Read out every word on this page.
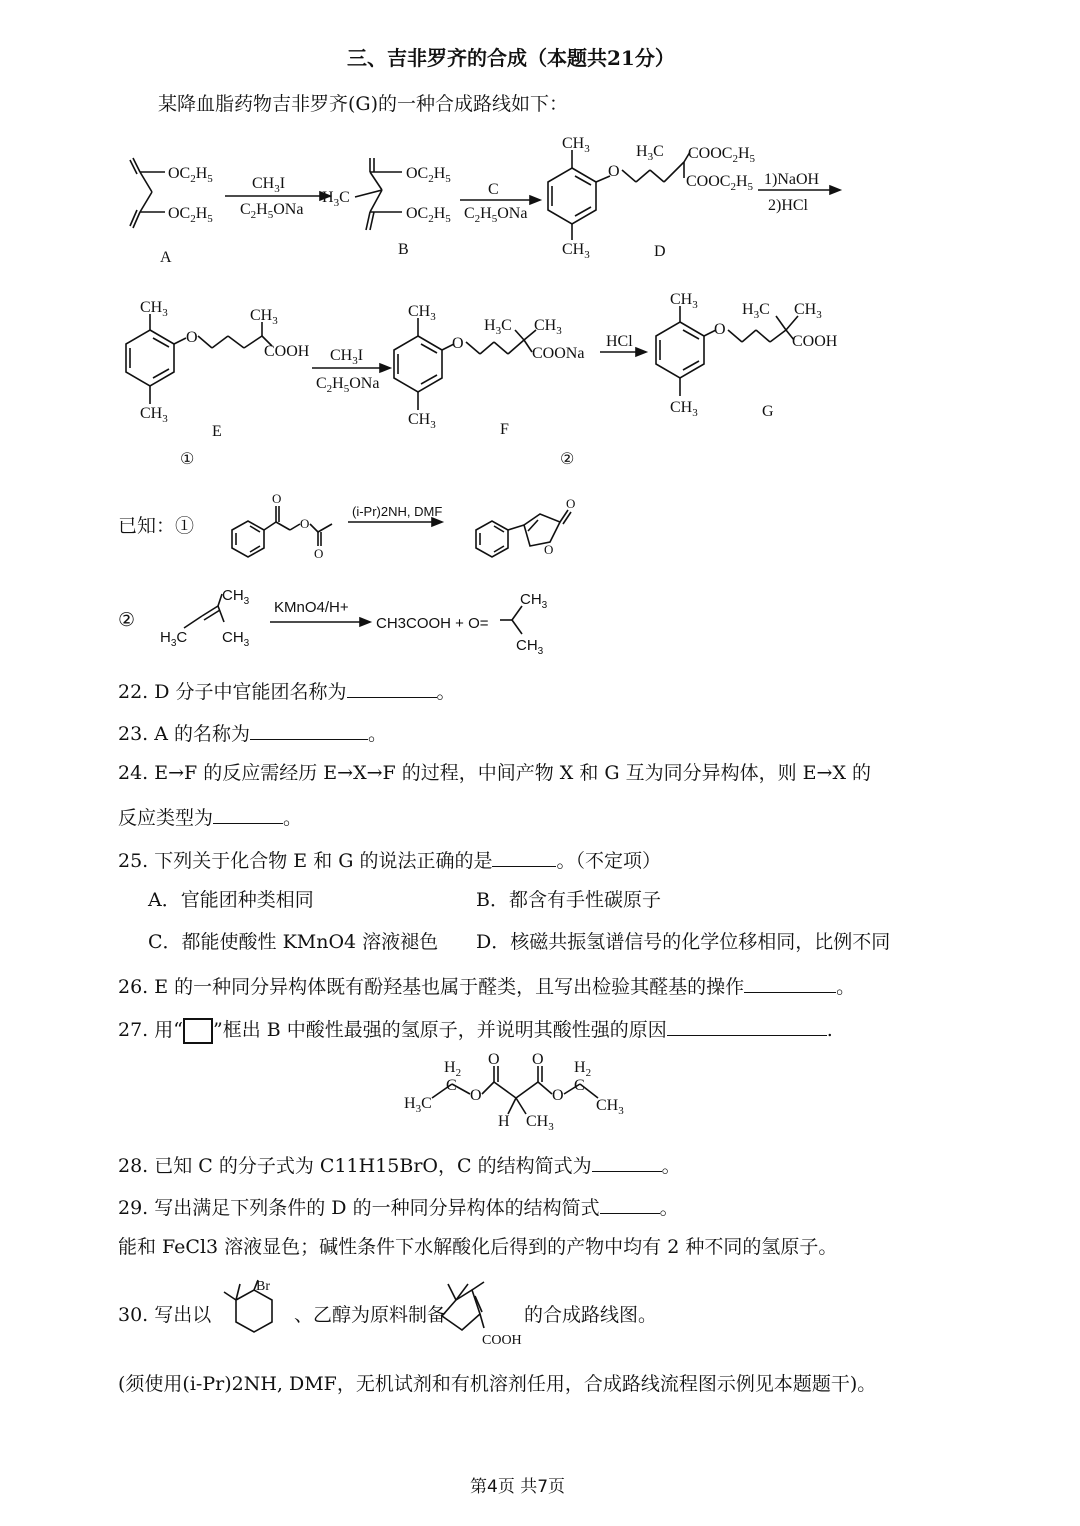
三、吉非罗齐的合成（本题共21分）
某降血脂药物吉非罗齐(G)的一种合成路线如下：
$OC_2H_5$
$OC_2H_5$
A
$CH_3I$
$C_2H_5ONa$
$OC_2H_5$
$OC_2H_5$
$H_3C$
B
C
$C_2H_5ONa$
$CH_3$
$CH_3$
O
$H_3C$ $COOC_2H_5$
$COOC_2H_5$
D
1)NaOH
2)HCl
$CH_3$
$CH_3$
O
$CH_3$
COOH
E
$CH_3I$
$C_2H_5ONa$
$CH_3$
$CH_3$
O
$H_3C$ $CH_3$
COONa
F
HCl
$CH_3$
$CH_3$
O
$H_3C$ $CH_3$
COOH
G
①	②
O
O
O
(i-Pr)2NH, DMF
O
O
$CH_3$
$H_3C$ $CH_3$
KMnO4/H+
CH3COOH + O=
$CH_3$
$CH_3$
$H_2$
C
$H_3C$ O
O O
O
$H_2$
C
$CH_3$
H $CH_3$
Br
COOH
已知：①
②
22. D 分子中官能团名称为	。
23. A 的名称为	。
24. E→F 的反应需经历 E→X→F 的过程，中间产物 X 和 G 互为同分异构体，则 E→X 的
反应类型为	。
25. 下列关于化合物 E 和 G 的说法正确的是	。（不定项）
A．官能团种类相同	B．都含有手性碳原子
C．都能使酸性 KMnO4 溶液褪色 D．核磁共振氢谱信号的化学位移相同，比例不同
26. E 的一种同分异构体既有酚羟基也属于醛类，且写出检验其醛基的操作	。
27. 用“ ”框出 B 中酸性最强的氢原子，并说明其酸性强的原因	.
28. 已知 C 的分子式为 C11H15BrO，C 的结构简式为	。
29. 写出满足下列条件的 D 的一种同分异构体的结构简式	。
能和 FeCl3 溶液显色；碱性条件下水解酸化后得到的产物中均有 2 种不同的氢原子。
30. 写出以	、乙醇为原料制备	的合成路线图。
(须使用(i-Pr)2NH, DMF，无机试剂和有机溶剂任用，合成路线流程图示例见本题题干)。
第4页 共7页
